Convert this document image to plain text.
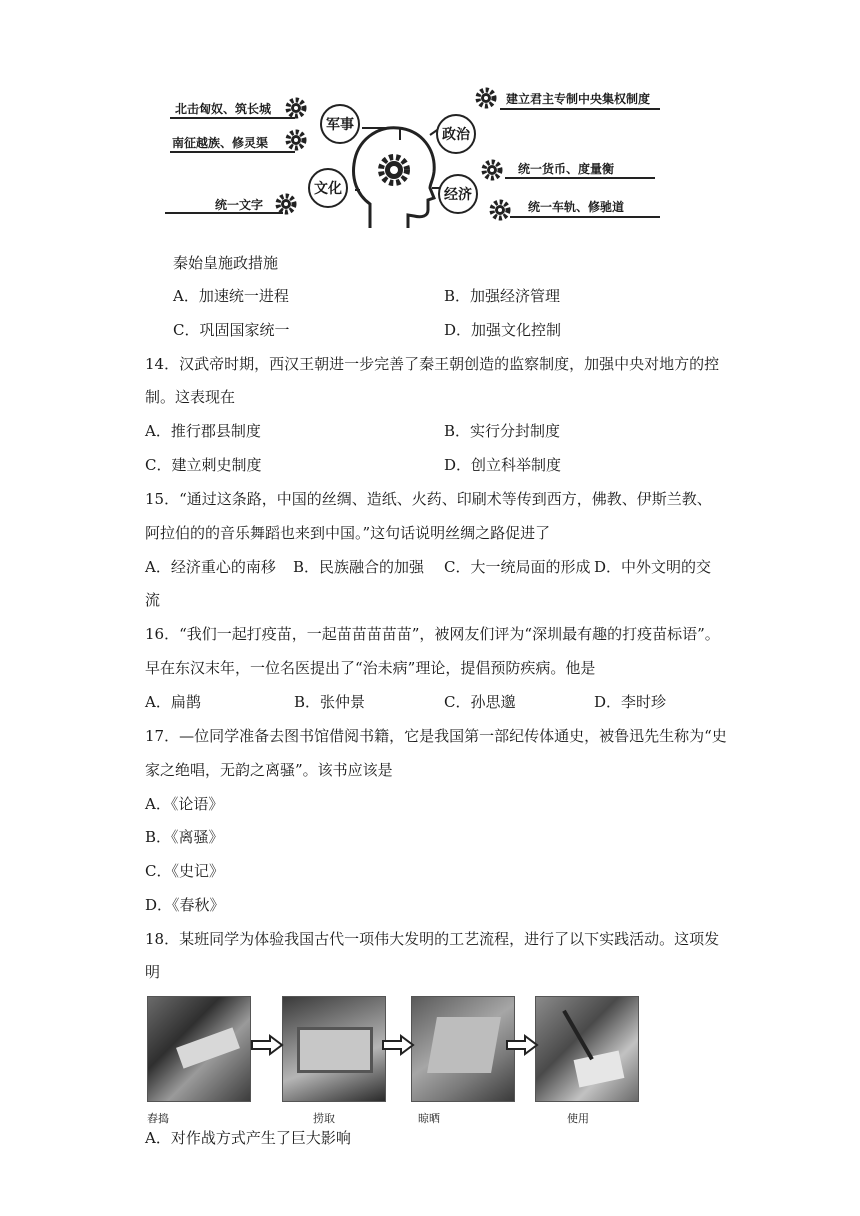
北击匈奴、筑长城
南征越族、修灵渠
统一文字
建立君主专制中央集权制度
统一货币、度量衡
统一车轨、修驰道
军事
政治
文化	经济
秦始皇施政措施
A．加速统一进程	B．加强经济管理
C．巩固国家统一	D．加强文化控制
14．汉武帝时期，西汉王朝进一步完善了秦王朝创造的监察制度，加强中央对地方的控
制。这表现在
A．推行郡县制度	B．实行分封制度
C．建立刺史制度	D．创立科举制度
15．“通过这条路，中国的丝绸、造纸、火药、印刷术等传到西方，佛教、伊斯兰教、
阿拉伯的的音乐舞蹈也来到中国。”这句话说明丝绸之路促进了
A．经济重心的南移 B．民族融合的加强 C．大一统局面的形成 D．中外文明的交
流
16．“我们一起打疫苗，一起苗苗苗苗苗”，被网友们评为“深圳最有趣的打疫苗标语”。
早在东汉末年，一位名医提出了“治未病”理论，提倡预防疾病。他是
A．扁鹊	B．张仲景	C．孙思邈	D．李时珍
17．—位同学准备去图书馆借阅书籍，它是我国第一部纪传体通史，被鲁迅先生称为“史
家之绝唱，无韵之离骚”。该书应该是
A．《论语》
B．《离骚》
C．《史记》
D．《春秋》
18．某班同学为体验我国古代一项伟大发明的工艺流程，进行了以下实践活动。这项发
明
舂捣	捞取	晾晒	使用
A．对作战方式产生了巨大影响
